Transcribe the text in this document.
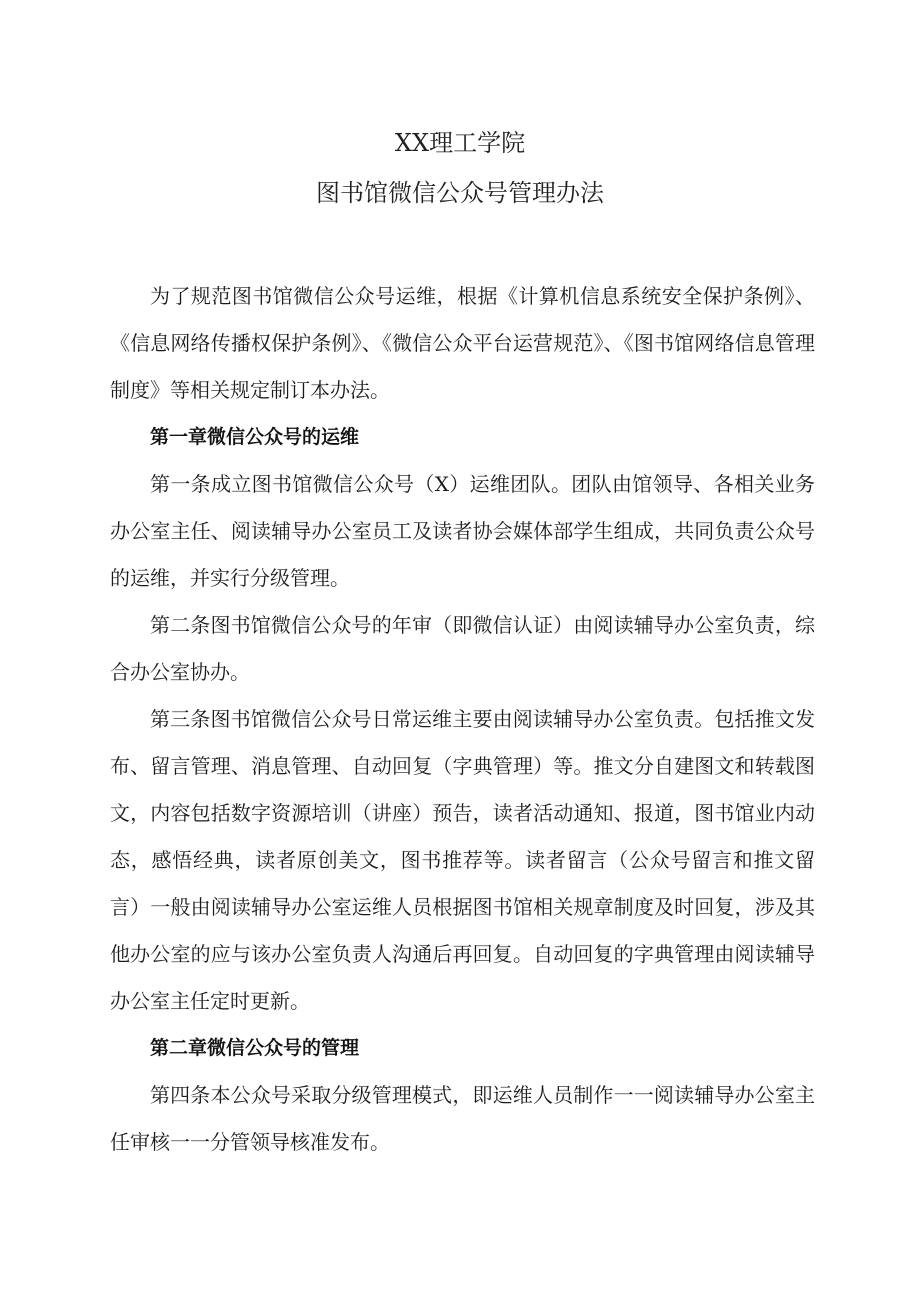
XX理工学院
图书馆微信公众号管理办法

为了规范图书馆微信公众号运维，根据《计算机信息系统安全保护条例》、《信息网络传播权保护条例》、《微信公众平台运营规范》、《图书馆网络信息管理制度》等相关规定制订本办法。

第一章微信公众号的运维

第一条成立图书馆微信公众号（X）运维团队。团队由馆领导、各相关业务办公室主任、阅读辅导办公室员工及读者协会媒体部学生组成，共同负责公众号的运维，并实行分级管理。

第二条图书馆微信公众号的年审（即微信认证）由阅读辅导办公室负责，综合办公室协办。

第三条图书馆微信公众号日常运维主要由阅读辅导办公室负责。包括推文发布、留言管理、消息管理、自动回复（字典管理）等。推文分自建图文和转载图文，内容包括数字资源培训（讲座）预告，读者活动通知、报道，图书馆业内动态，感悟经典，读者原创美文，图书推荐等。读者留言（公众号留言和推文留言）一般由阅读辅导办公室运维人员根据图书馆相关规章制度及时回复，涉及其他办公室的应与该办公室负责人沟通后再回复。自动回复的字典管理由阅读辅导办公室主任定时更新。

第二章微信公众号的管理

第四条本公众号采取分级管理模式，即运维人员制作一一阅读辅导办公室主任审核一一分管领导核准发布。
